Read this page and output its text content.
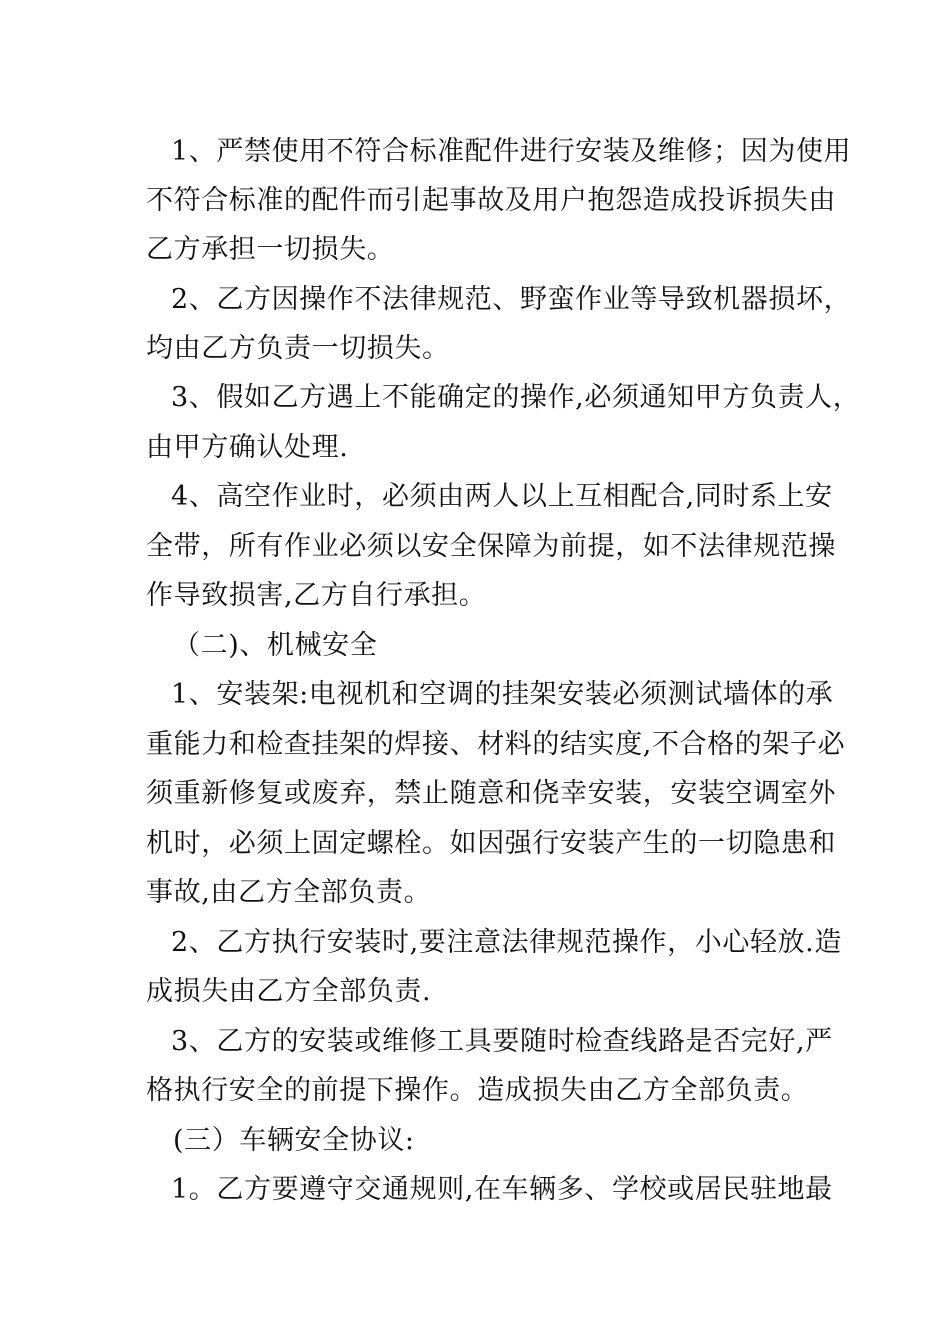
1、严禁使用不符合标准配件进行安装及维修；因为使用
不符合标准的配件而引起事故及用户抱怨造成投诉损失由
乙方承担一切损失。
2、乙方因操作不法律规范、野蛮作业等导致机器损坏，
均由乙方负责一切损失。
3、假如乙方遇上不能确定的操作,必须通知甲方负责人，
由甲方确认处理.
4、高空作业时，必须由两人以上互相配合,同时系上安
全带，所有作业必须以安全保障为前提，如不法律规范操
作导致损害,乙方自行承担。
（二)、机械安全
1、安装架:电视机和空调的挂架安装必须测试墙体的承
重能力和检查挂架的焊接、材料的结实度,不合格的架子必
须重新修复或废弃，禁止随意和侥幸安装，安装空调室外
机时，必须上固定螺栓。如因强行安装产生的一切隐患和
事故,由乙方全部负责。
2、乙方执行安装时,要注意法律规范操作，小心轻放.造
成损失由乙方全部负责.
3、乙方的安装或维修工具要随时检查线路是否完好,严
格执行安全的前提下操作。造成损失由乙方全部负责。
(三）车辆安全协议:
1。乙方要遵守交通规则,在车辆多、学校或居民驻地最
